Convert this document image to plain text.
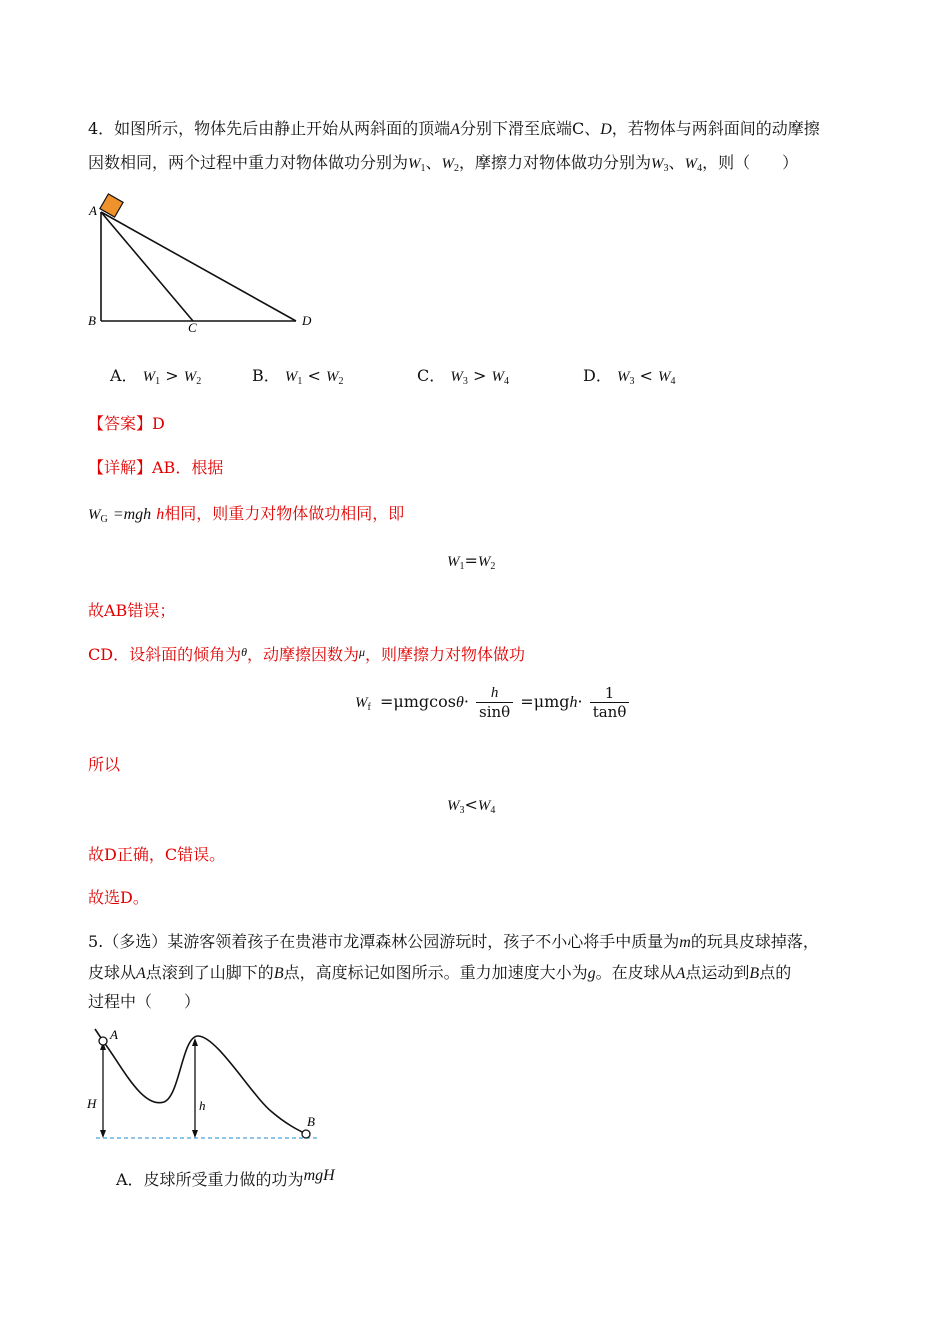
4．如图所示，物体先后由静止开始从两斜面的顶端A分别下滑至底端C、D，若物体与两斜面间的动摩擦
因数相同，两个过程中重力对物体做功分别为$W_1$、$W_2$，摩擦力对物体做功分别为$W_3$、$W_4$，则（　　）
A
B	C	D
A． $W_1 > W_2$	B． $W_1 < W_2$	C． $W_3 > W_4$	D． $W_3 < W_4$
【答案】D
【详解】AB．根据
$W_G =mgh$ h相同，则重力对物体做功相同，即
$W_1=W_2$
故AB错误；
CD．设斜面的倾角为$^\theta$，动摩擦因数为$^\mu$，则摩擦力对物体做功
$W_f =\mu mgcos\theta\cdot \frac{h}{\sin\theta} =\mu mgh\cdot \frac{1}{\tan\theta}$
所以
$W_3<W_4$
故D正确，C错误。
故选D。
5.（多选）某游客领着孩子在贵港市龙潭森林公园游玩时，孩子不小心将手中质量为m的玩具皮球掉落，
皮球从A点滚到了山脚下的B点，高度标记如图所示。重力加速度大小为g。在皮球从A点运动到B点的
过程中（　　）
A
B
H	h
A．皮球所受重力做的功为mgH
